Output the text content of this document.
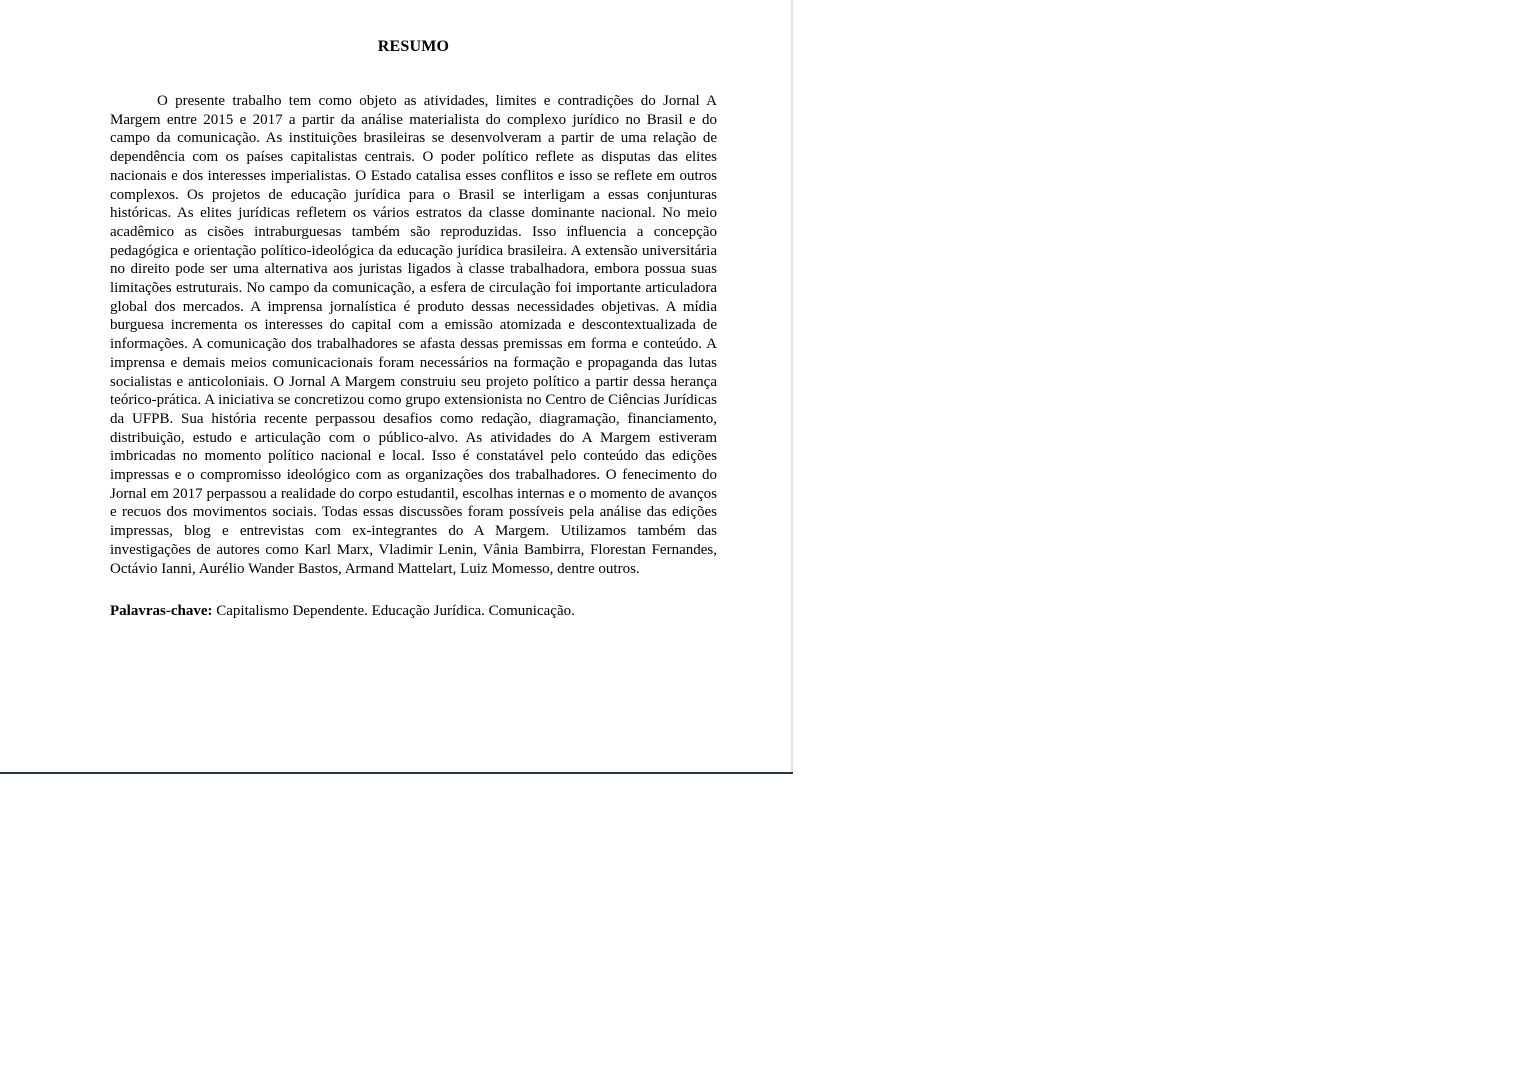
RESUMO

O presente trabalho tem como objeto as atividades, limites e contradições do Jornal A Margem entre 2015 e 2017 a partir da análise materialista do complexo jurídico no Brasil e do campo da comunicação. As instituições brasileiras se desenvolveram a partir de uma relação de dependência com os países capitalistas centrais. O poder político reflete as disputas das elites nacionais e dos interesses imperialistas. O Estado catalisa esses conflitos e isso se reflete em outros complexos. Os projetos de educação jurídica para o Brasil se interligam a essas conjunturas históricas. As elites jurídicas refletem os vários estratos da classe dominante nacional. No meio acadêmico as cisões intraburguesas também são reproduzidas. Isso influencia a concepção pedagógica e orientação político-ideológica da educação jurídica brasileira. A extensão universitária no direito pode ser uma alternativa aos juristas ligados à classe trabalhadora, embora possua suas limitações estruturais. No campo da comunicação, a esfera de circulação foi importante articuladora global dos mercados. A imprensa jornalística é produto dessas necessidades objetivas. A mídia burguesa incrementa os interesses do capital com a emissão atomizada e descontextualizada de informações. A comunicação dos trabalhadores se afasta dessas premissas em forma e conteúdo. A imprensa e demais meios comunicacionais foram necessários na formação e propaganda das lutas socialistas e anticoloniais. O Jornal A Margem construiu seu projeto político a partir dessa herança teórico-prática. A iniciativa se concretizou como grupo extensionista no Centro de Ciências Jurídicas da UFPB. Sua história recente perpassou desafios como redação, diagramação, financiamento, distribuição, estudo e articulação com o público-alvo. As atividades do A Margem estiveram imbricadas no momento político nacional e local. Isso é constatável pelo conteúdo das edições impressas e o compromisso ideológico com as organizações dos trabalhadores. O fenecimento do Jornal em 2017 perpassou a realidade do corpo estudantil, escolhas internas e o momento de avanços e recuos dos movimentos sociais. Todas essas discussões foram possíveis pela análise das edições impressas, blog e entrevistas com ex-integrantes do A Margem. Utilizamos também das investigações de autores como Karl Marx, Vladimir Lenin, Vânia Bambirra, Florestan Fernandes, Octávio Ianni, Aurélio Wander Bastos, Armand Mattelart, Luiz Momesso, dentre outros.

Palavras-chave: Capitalismo Dependente. Educação Jurídica. Comunicação.
